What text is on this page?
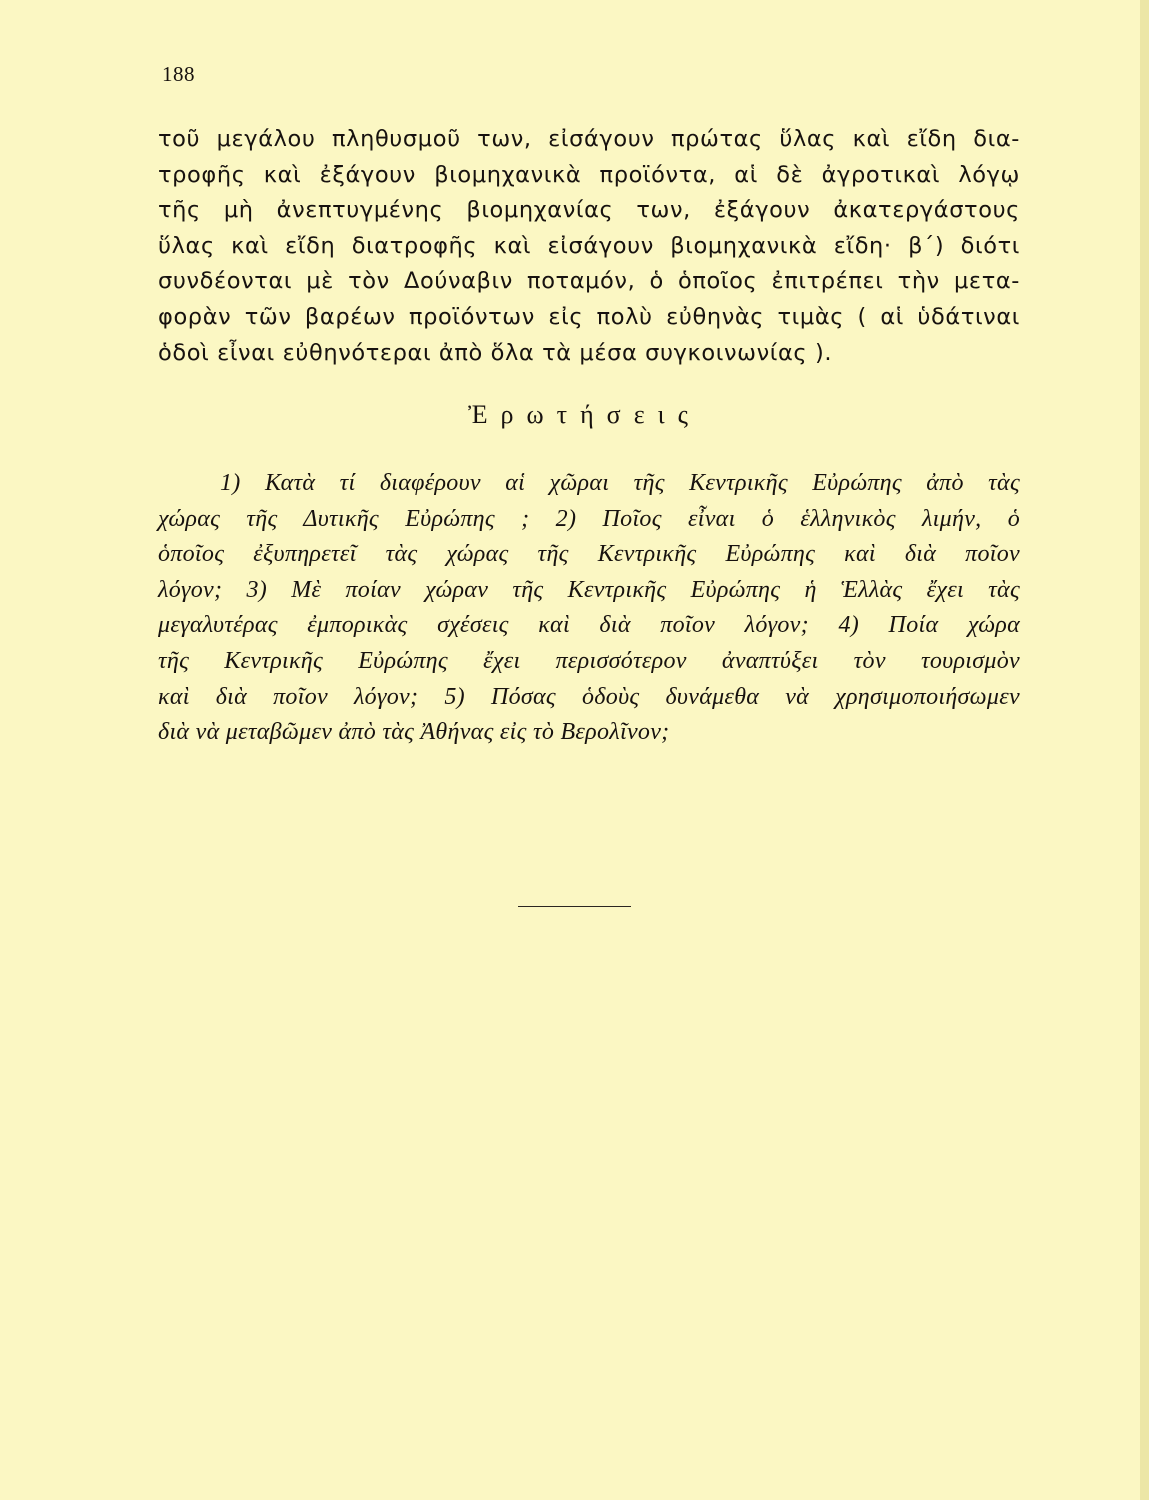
188
τοῦ μεγάλου πληθυσμοῦ των, εἰσάγουν πρώτας ὕλας καὶ εἴδη δια-
τροφῆς καὶ ἐξάγουν βιομηχανικὰ προϊόντα, αἱ δὲ ἀγροτικαὶ λόγῳ
τῆς μὴ ἀνεπτυγμένης βιομηχανίας των, ἐξάγουν ἀκατεργάστους
ὕλας καὶ εἴδη διατροφῆς καὶ εἰσάγουν βιομηχανικὰ εἴδη· β΄) διότι
συνδέονται μὲ τὸν Δούναβιν ποταμόν, ὁ ὁποῖος ἐπιτρέπει τὴν μετα-
φορὰν τῶν βαρέων προϊόντων εἰς πολὺ εὐθηνὰς τιμὰς ( αἱ ὑδάτιναι
ὁδοὶ εἶναι εὐθηνότεραι ἀπὸ ὅλα τὰ μέσα συγκοινωνίας ).
Ἐρωτήσεις
1) Κατὰ τί διαφέρουν αἱ χῶραι τῆς Κεντρικῆς Εὐρώπης ἀπὸ τὰς
χώρας τῆς Δυτικῆς Εὐρώπης ; 2) Ποῖος εἶναι ὁ ἑλληνικὸς λιμήν, ὁ
ὁποῖος ἐξυπηρετεῖ τὰς χώρας τῆς Κεντρικῆς Εὐρώπης καὶ διὰ ποῖον
λόγον; 3) Μὲ ποίαν χώραν τῆς Κεντρικῆς Εὐρώπης ἡ Ἑλλὰς ἔχει τὰς
μεγαλυτέρας ἐμπορικὰς σχέσεις καὶ διὰ ποῖον λόγον; 4) Ποία χώρα
τῆς Κεντρικῆς Εὐρώπης ἔχει περισσότερον ἀναπτύξει τὸν τουρισμὸν
καὶ διὰ ποῖον λόγον; 5) Πόσας ὁδοὺς δυνάμεθα νὰ χρησιμοποιήσωμεν
διὰ νὰ μεταβῶμεν ἀπὸ τὰς Ἀθήνας εἰς τὸ Βερολῖνον;
